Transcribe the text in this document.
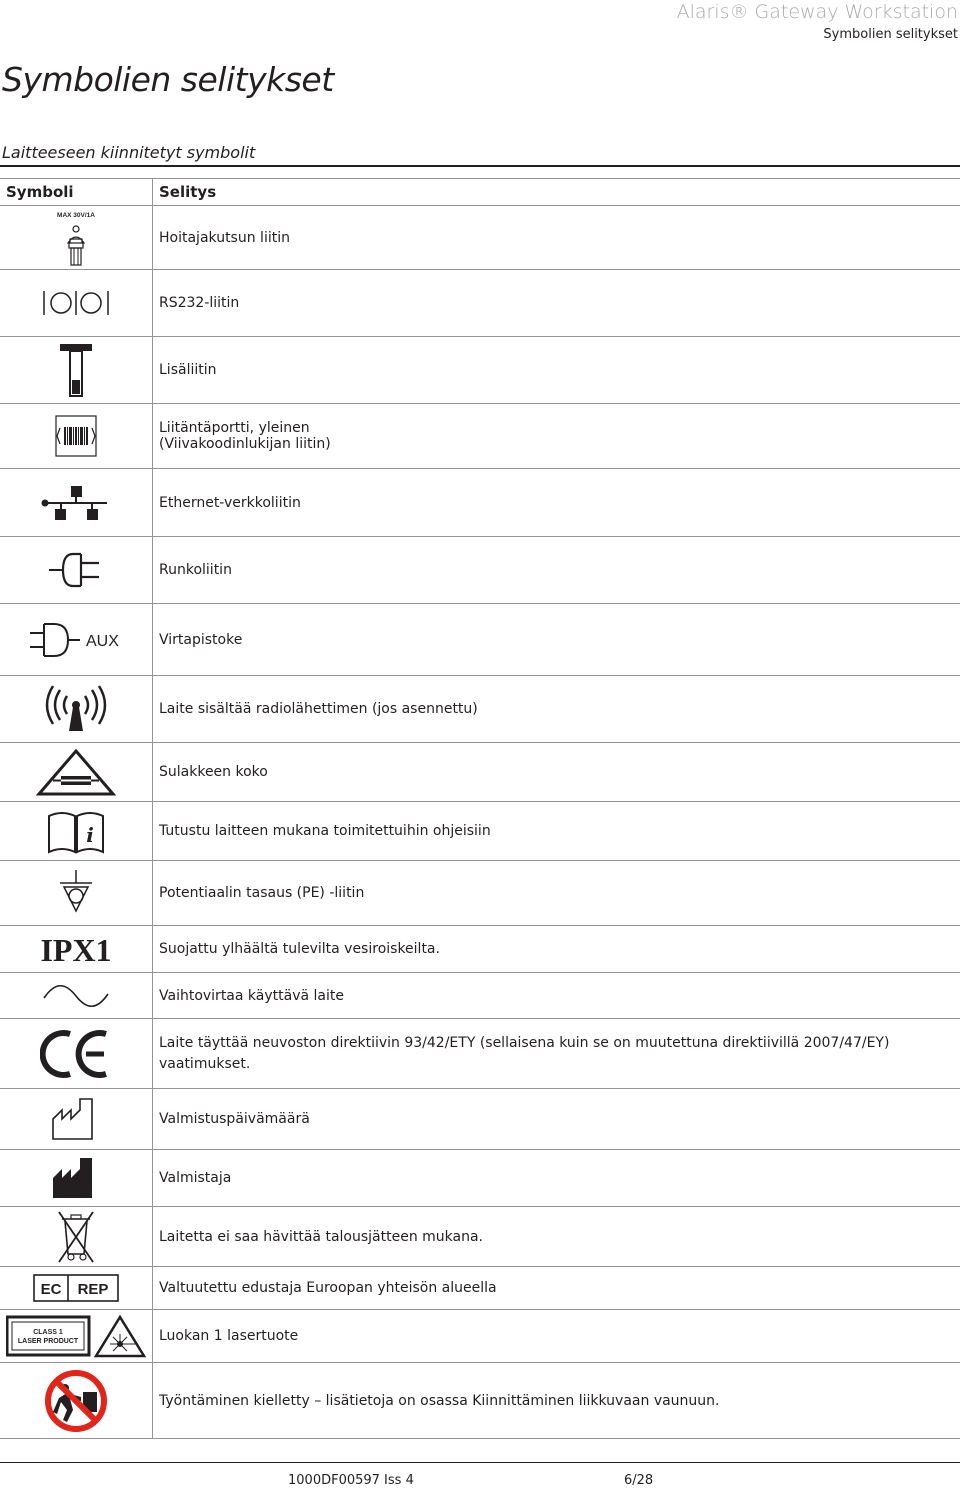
Alaris® Gateway Workstation
Symbolien selitykset
Symbolien selitykset
Laitteeseen kiinnitetyt symbolit
Symboli	Selitys

MAX 30V/1A	Hoitajakutsun liitin

	RS232-liitin

	Lisäliitin

	Liitäntäportti, yleinen
(Viivakoodinlukijan liitin)

	Ethernet-verkkoliitin

	Runkoliitin

AUX	Virtapistoke

	Laite sisältää radiolähettimen (jos asennettu)

	Sulakkeen koko

i	Tutustu laitteen mukana toimitettuihin ohjeisiin

	Potentiaalin tasaus (PE) -liitin

IPX1	Suojattu ylhäältä tulevilta vesiroiskeilta.

	Vaihtovirtaa käyttävä laite

	Laite täyttää neuvoston direktiivin 93/42/ETY (sellaisena kuin se on muutettuna direktiivillä 2007/47/EY) vaatimukset.

	Valmistuspäivämäärä

	Valmistaja

	Laitetta ei saa hävittää talousjätteen mukana.

EC REP	Valtuutettu edustaja Euroopan yhteisön alueella

CLASS 1
LASER PRODUCT	Luokan 1 lasertuote

	Työntäminen kielletty – lisätietoja on osassa Kiinnittäminen liikkuvaan vaunuun.
1000DF00597 Iss 4	6/28
